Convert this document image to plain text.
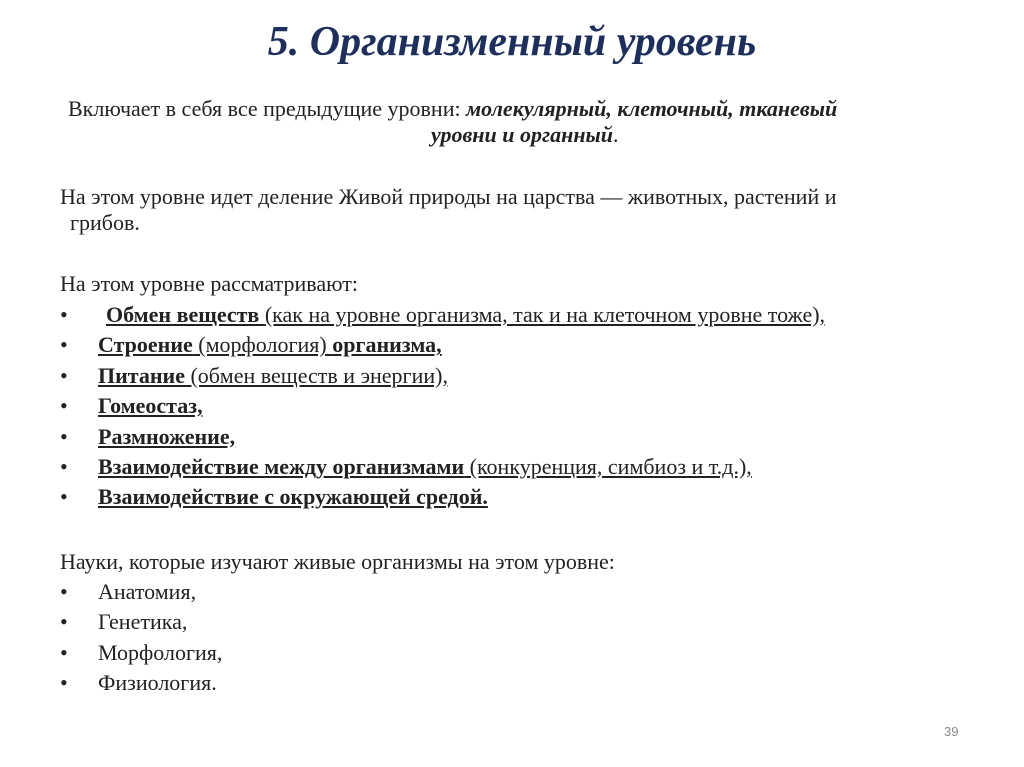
5. Организменный уровень
Включает в себя все предыдущие уровни: молекулярный, клеточный, тканевый
уровни и органный.
На этом уровне идет деление Живой природы на царства — животных, растений и
грибов.
На этом уровне рассматривают:
• Обмен веществ (как на уровне организма, так и на клеточном уровне тоже),
• Строение (морфология) организма,
• Питание (обмен веществ и энергии),
• Гомеостаз,
• Размножение,
• Взаимодействие между организмами (конкуренция, симбиоз и т.д.),
• Взаимодействие с окружающей средой.
Науки, которые изучают живые организмы на этом уровне:
• Анатомия,
• Генетика,
• Морфология,
• Физиология.
39
